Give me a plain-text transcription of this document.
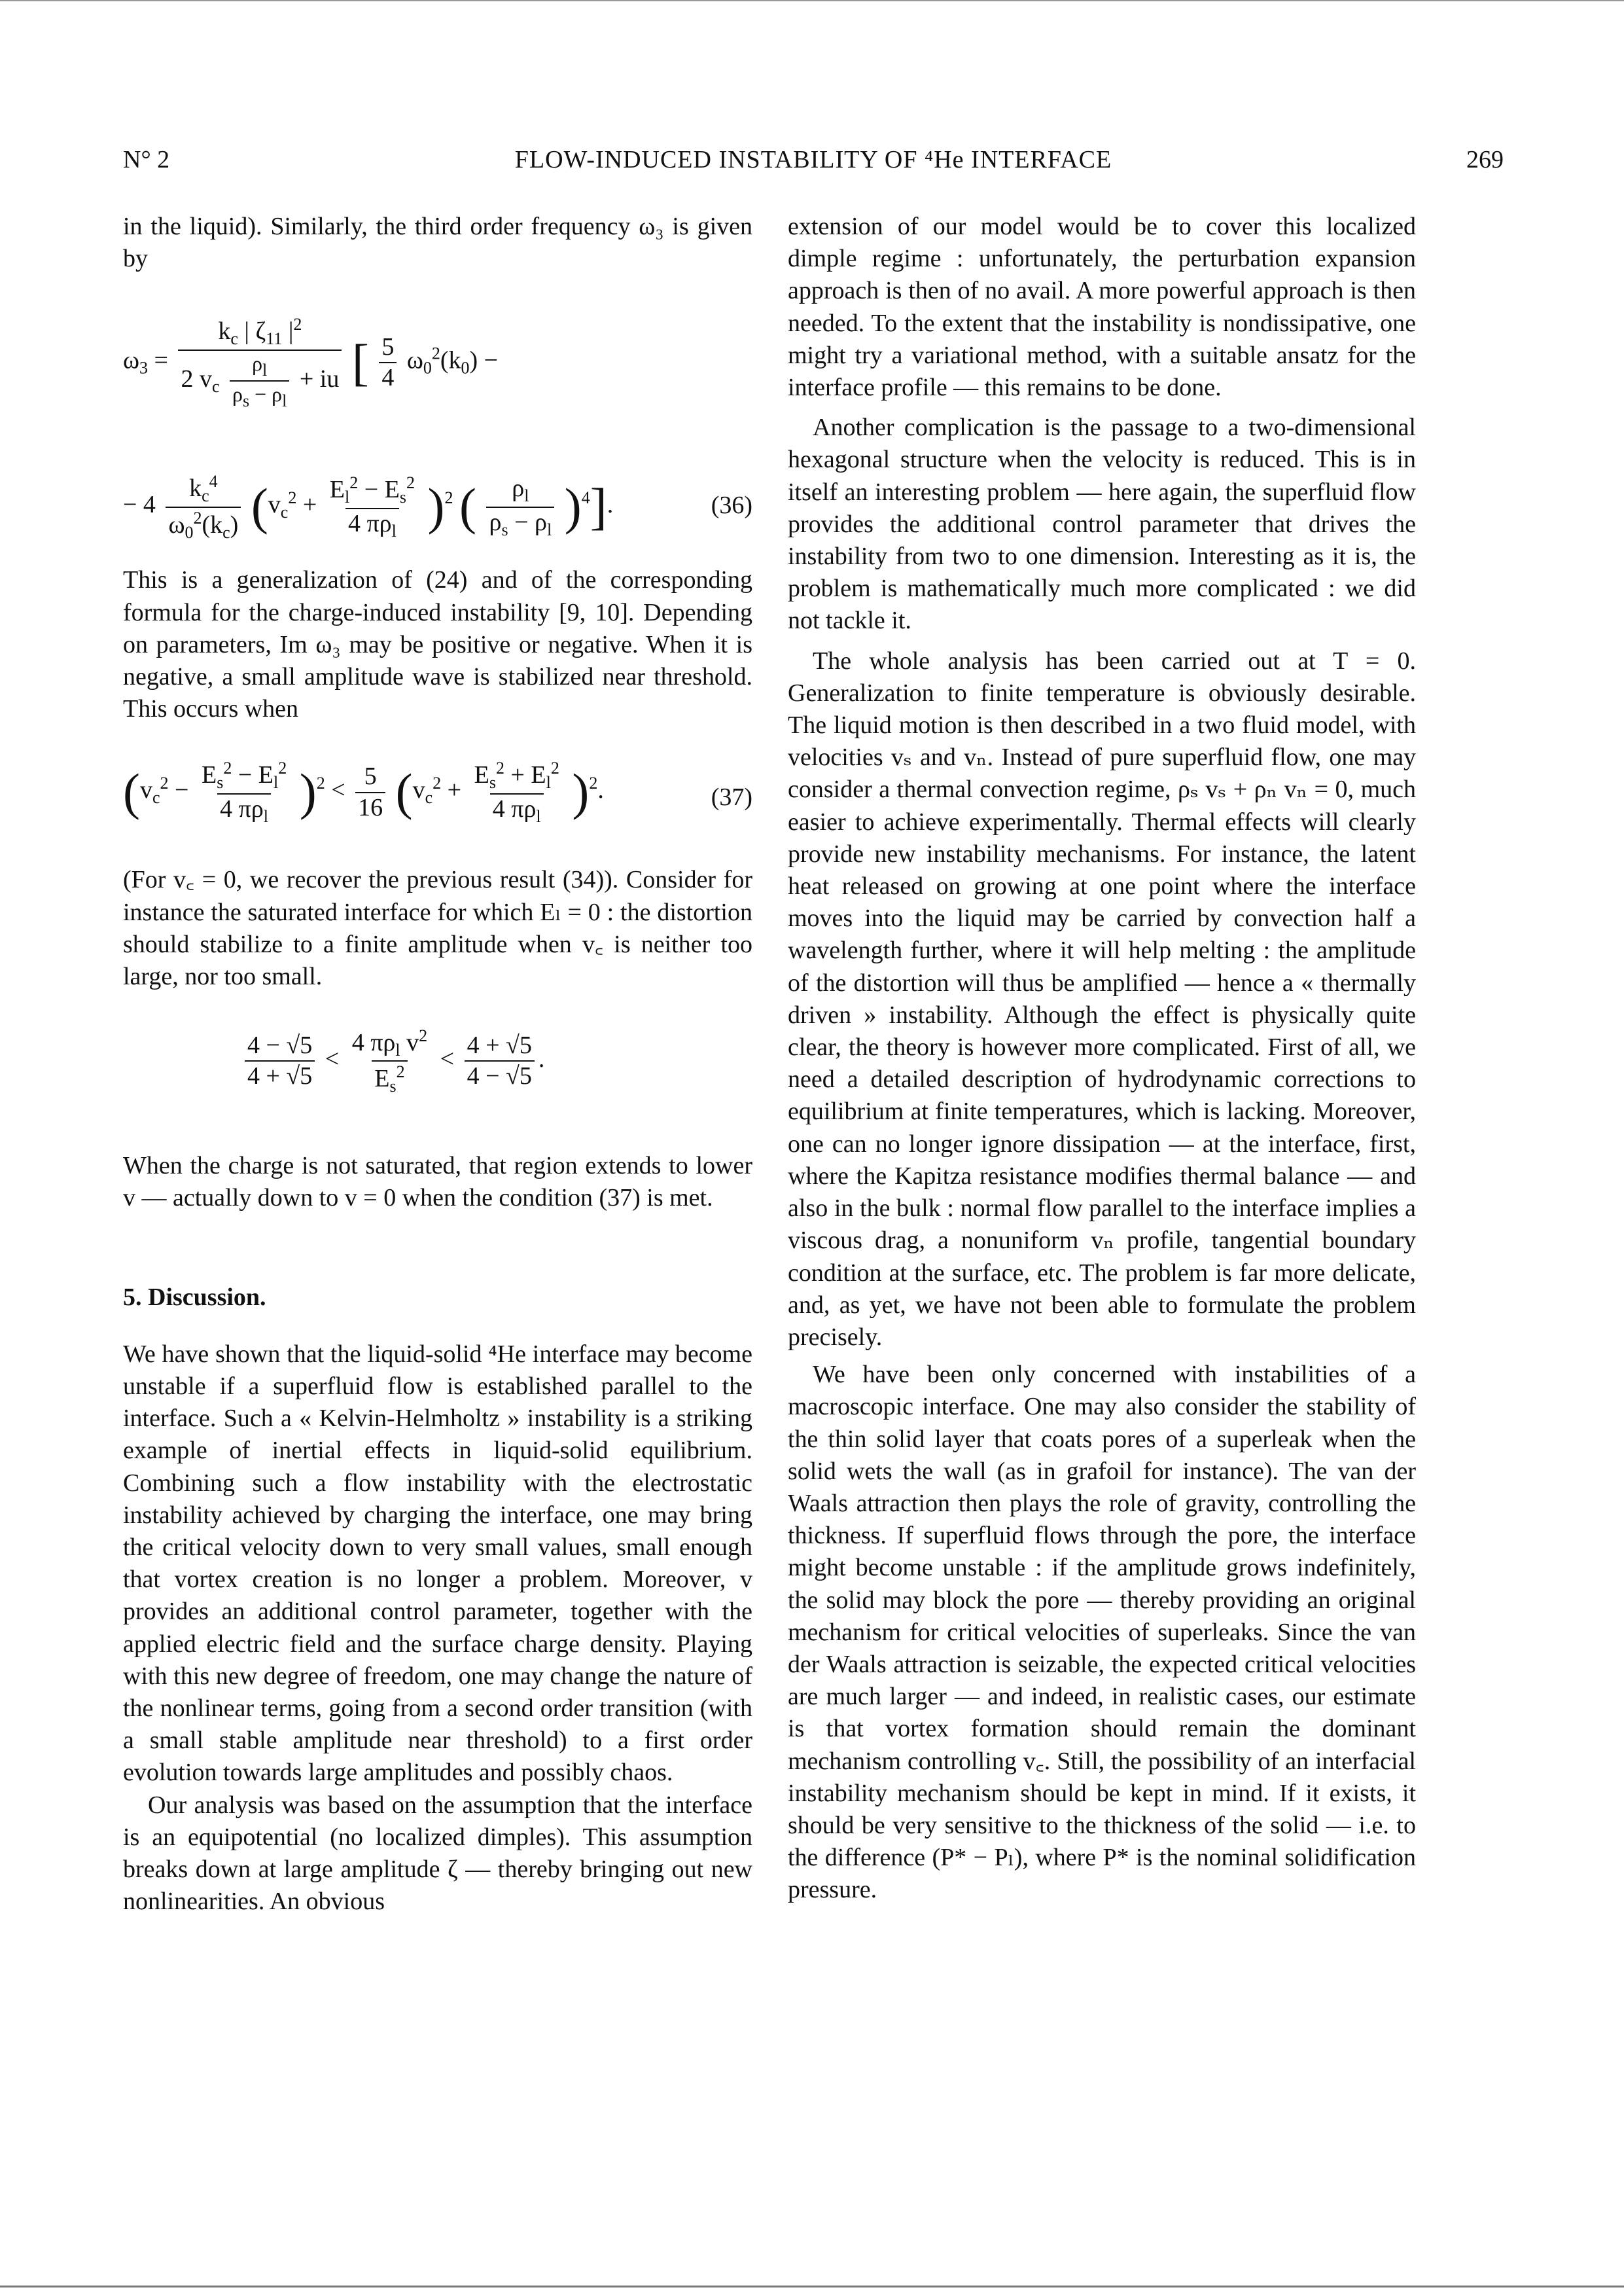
N° 2	FLOW-INDUCED INSTABILITY OF ⁴He INTERFACE	269

in the liquid). Similarly, the third order frequency ω₃ is given by

$\omega_3 = \frac{k_c | \zeta_{11} |^2}{2 v_c \frac{\rho_l}{\rho_s - \rho_l} + iu}$ [ $\frac{5}{4} \omega_0^2(k_0)$ −
− $4 \frac{k_c^4}{\omega_0^2(k_c)} (v_c^2 + \frac{E_l^2 - E_s^2}{4 \pi\rho_l} )^2$ ( $\frac{\rho_l}{\rho_s - \rho_l} )^4$].	(36)

This is a generalization of (24) and of the corresponding formula for the charge-induced instability [9, 10]. Depending on parameters, Im ω₃ may be positive or negative. When it is negative, a small amplitude wave is stabilized near threshold. This occurs when

$(v_c^2 - \frac{E_s^2 - E_l^2}{4 \pi\rho_l} )^2 < \frac{5}{16} (v_c^2 + \frac{E_s^2 + E_l^2}{4 \pi\rho_l} )^2$.	(37)

(For v꜀ = 0, we recover the previous result (34)). Consider for instance the saturated interface for which Eₗ = 0 : the distortion should stabilize to a finite amplitude when v꜀ is neither too large, nor too small.

$\frac{4 - √5}{4 + √5} < \frac{4 \pi\rho_l v^2}{E_s^2} < \frac{4 + √5}{4 - √5}$ .

When the charge is not saturated, that region extends to lower v — actually down to v = 0 when the condition (37) is met.

5. Discussion.

We have shown that the liquid-solid ⁴He interface may become unstable if a superfluid flow is established parallel to the interface. Such a « Kelvin-Helmholtz » instability is a striking example of inertial effects in liquid-solid equilibrium. Combining such a flow instability with the electrostatic instability achieved by charging the interface, one may bring the critical velocity down to very small values, small enough that vortex creation is no longer a problem. Moreover, v provides an additional control parameter, together with the applied electric field and the surface charge density. Playing with this new degree of freedom, one may change the nature of the nonlinear terms, going from a second order transition (with a small stable amplitude near threshold) to a first order evolution towards large amplitudes and possibly chaos.

Our analysis was based on the assumption that the interface is an equipotential (no localized dimples). This assumption breaks down at large amplitude ζ — thereby bringing out new nonlinearities. An obvious

extension of our model would be to cover this localized dimple regime : unfortunately, the perturbation expansion approach is then of no avail. A more powerful approach is then needed. To the extent that the instability is nondissipative, one might try a variational method, with a suitable ansatz for the interface profile — this remains to be done.

Another complication is the passage to a two-dimensional hexagonal structure when the velocity is reduced. This is in itself an interesting problem — here again, the superfluid flow provides the additional control parameter that drives the instability from two to one dimension. Interesting as it is, the problem is mathematically much more complicated : we did not tackle it.

The whole analysis has been carried out at T = 0. Generalization to finite temperature is obviously desirable. The liquid motion is then described in a two fluid model, with velocities vₛ and vₙ. Instead of pure superfluid flow, one may consider a thermal convection regime, ρₛ vₛ + ρₙ vₙ = 0, much easier to achieve experimentally. Thermal effects will clearly provide new instability mechanisms. For instance, the latent heat released on growing at one point where the interface moves into the liquid may be carried by convection half a wavelength further, where it will help melting : the amplitude of the distortion will thus be amplified — hence a « thermally driven » instability. Although the effect is physically quite clear, the theory is however more complicated. First of all, we need a detailed description of hydrodynamic corrections to equilibrium at finite temperatures, which is lacking. Moreover, one can no longer ignore dissipation — at the interface, first, where the Kapitza resistance modifies thermal balance — and also in the bulk : normal flow parallel to the interface implies a viscous drag, a nonuniform vₙ profile, tangential boundary condition at the surface, etc. The problem is far more delicate, and, as yet, we have not been able to formulate the problem precisely.

We have been only concerned with instabilities of a macroscopic interface. One may also consider the stability of the thin solid layer that coats pores of a superleak when the solid wets the wall (as in grafoil for instance). The van der Waals attraction then plays the role of gravity, controlling the thickness. If superfluid flows through the pore, the interface might become unstable : if the amplitude grows indefinitely, the solid may block the pore — thereby providing an original mechanism for critical velocities of superleaks. Since the van der Waals attraction is seizable, the expected critical velocities are much larger — and indeed, in realistic cases, our estimate is that vortex formation should remain the dominant mechanism controlling v꜀. Still, the possibility of an interfacial instability mechanism should be kept in mind. If it exists, it should be very sensitive to the thickness of the solid — i.e. to the difference (P* − Pₗ), where P* is the nominal solidification pressure.
